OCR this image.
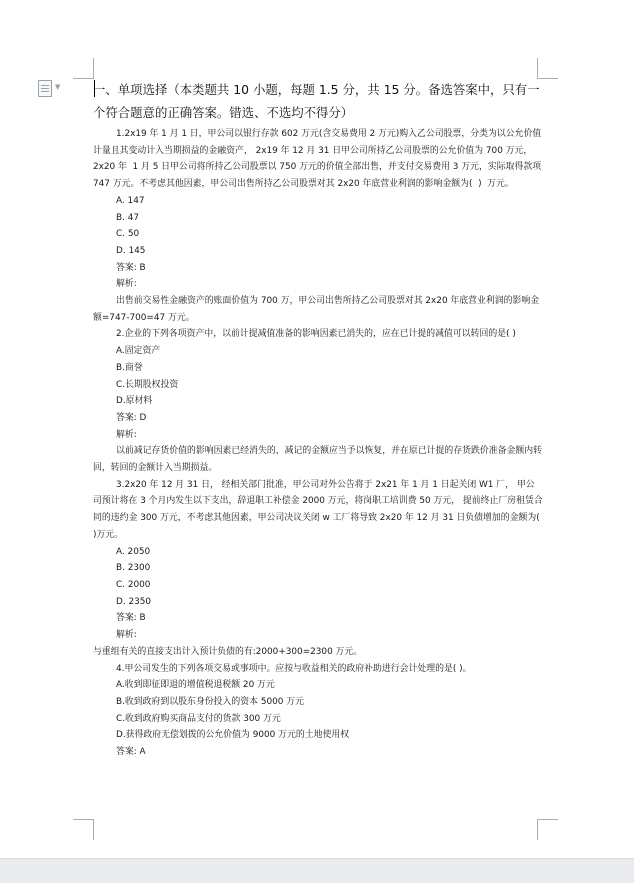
▼	一、单项选择（本类题共 10 小题，每题 1.5 分，共 15 分。备选答案中，只有一个符合题意的正确答案。错选、不选均不得分）

1.2x19 年 1 月 1 日，甲公司以银行存款 602 万元(含交易费用 2 万元)购入乙公司股票，分类为以公允价值计量且其变动计入当期损益的金融资产， 2x19 年 12 月 31 日甲公司所持乙公司股票的公允价值为 700 万元， 2x20 年  1 月 5 日甲公司将所持乙公司股票以 750 万元的价值全部出售，并支付交易费用 3 万元，实际取得款项 747 万元。不考虑其他因素，甲公司出售所持乙公司股票对其 2x20 年底营业利润的影响金额为(  )  万元。

A. 147

B. 47

C. 50

D. 145

答案: B

解析:

出售前交易性金融资产的账面价值为 700 万，甲公司出售所持乙公司股票对其 2x20 年底营业利润的影响金额=747-700=47 万元。

2.企业的下列各项资产中，以前计提减值准备的影响因素已消失的，应在已计提的减值可以转回的是( )

A.固定资产

B.商誉

C.长期股权投资

D.原材料

答案: D

解析:

以前减记存货价值的影响因素已经消失的，减记的金额应当予以恢复，并在原已计提的存货跌价准备金额内转回，转回的金额计入当期损益。

3.2x20 年 12 月 31 日， 经相关部门批准，甲公司对外公告将于 2x21 年 1 月 1 日起关闭 W1 厂， 甲公司预计将在 3 个月内发生以下支出，辞退职工补偿金 2000 万元，将岗职工培训费 50 万元， 提前终止厂房租赁合同的违约金 300 万元，不考虑其他因素，甲公司决议关闭 w 工厂将导致 2x20 年 12 月 31 日负债增加的金额为( )万元。

A. 2050

B. 2300

C. 2000

D. 2350

答案: B

解析:

与重组有关的直接支出计入预计负债的有:2000+300=2300 万元。

4.甲公司发生的下列各项交易或事项中。应按与收益相关的政府补助进行会计处理的是( )。

A.收到即征即退的增值税退税额 20 万元

B.收到政府到以股东身份投入的资本 5000 万元

C.收到政府购买商品支付的货款 300 万元

D.获得政府无偿划拨的公允价值为 9000 万元的土地使用权

答案: A
